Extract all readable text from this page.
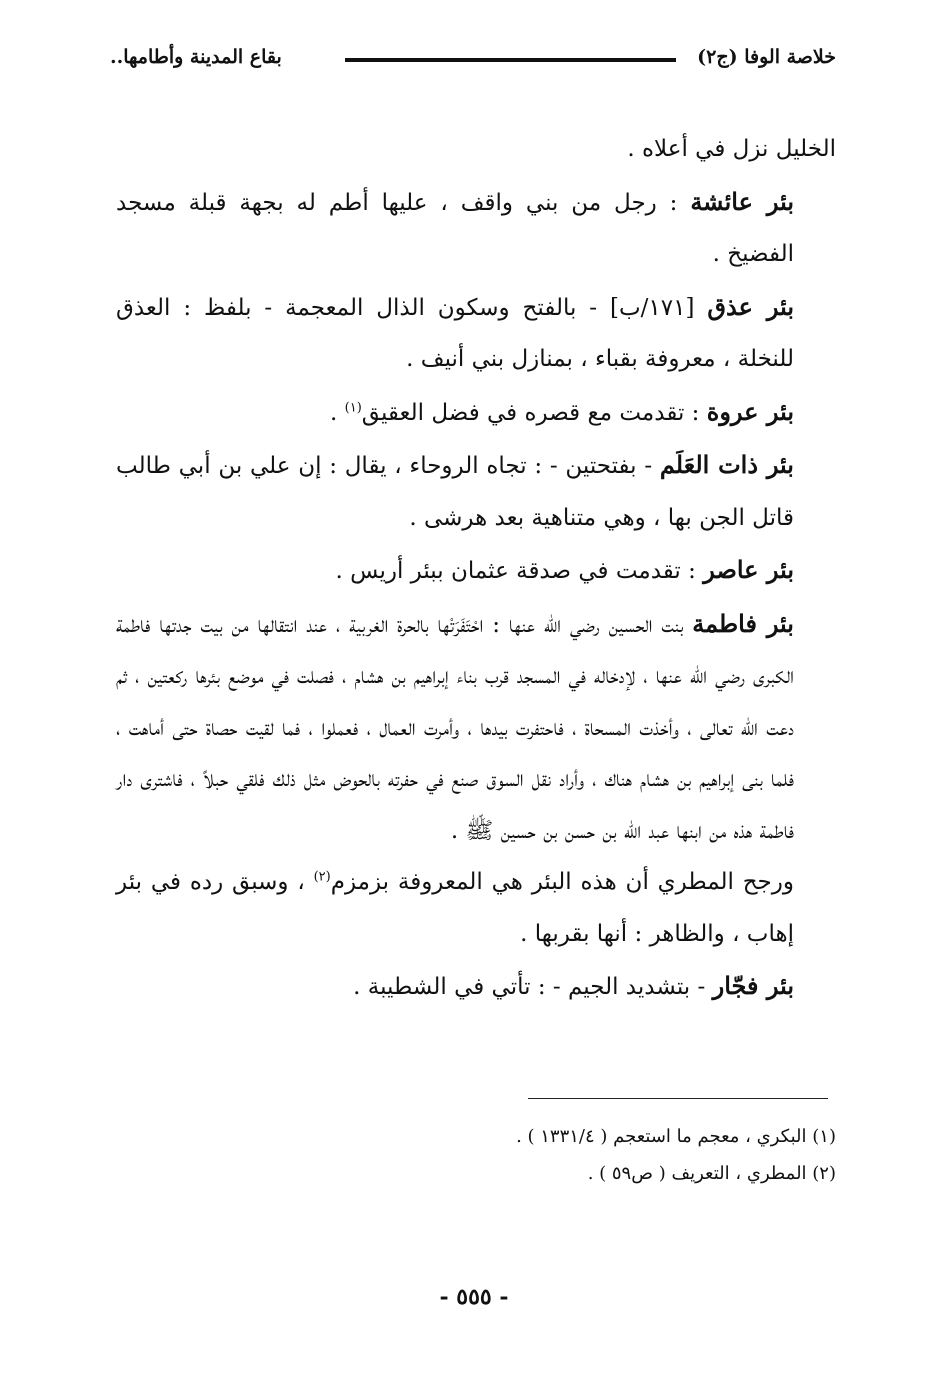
خلاصة الوفا (ج٢)
بقاع المدينة وأطامها..

الخليل نزل في أعلاه .

بئر عائشة : رجل من بني واقف ، عليها أطم له بجهة قبلة مسجد الفضيخ .

بئر عذق [١٧١/ب] - بالفتح وسكون الذال المعجمة - بلفظ : العذق للنخلة ، معروفة بقباء ، بمنازل بني أنيف .

بئر عروة : تقدمت مع قصره في فضل العقيق$^{(١)}$ .

بئر ذات العَلَم - بفتحتين - : تجاه الروحاء ، يقال : إن علي بن أبي طالب قاتل الجن بها ، وهي متناهية بعد هرشى .

بئر عاصر : تقدمت في صدقة عثمان ببئر أريس .

بئر فاطمة بنت الحسين رضي الله عنها : احْتَفَرَتْها بالحرة الغربية ، عند انتقالها من بيت جدتها فاطمة الكبرى رضي الله عنها ، لإدخاله في المسجد قرب بناء إبراهيم بن هشام ، فصلت في موضع بئرها ركعتين ، ثم دعت الله تعالى ، وأخذت المسحاة ، فاحتفرت بيدها ، وأمرت العمال ، فعملوا ، فما لقيت حصاة حتى أماهت ، فلما بنى إبراهيم بن هشام هناك ، وأراد نقل السوق صنع في حفرته بالحوض مثل ذلك فلقي حبلاً ، فاشترى دار فاطمة هذه من ابنها عبد الله بن حسن بن حسين ﷺ .

ورجح المطري أن هذه البئر هي المعروفة بزمزم$^{(٢)}$ ، وسبق رده في بئر إهاب ، والظاهر : أنها بقربها .

بئر فجّار - بتشديد الجيم - : تأتي في الشطيبة .

(١) البكري ، معجم ما استعجم ( ١٣٣١/٤ ) .

(٢) المطري ، التعريف ( ص٥٩ ) .

- ٥٥٥ -
